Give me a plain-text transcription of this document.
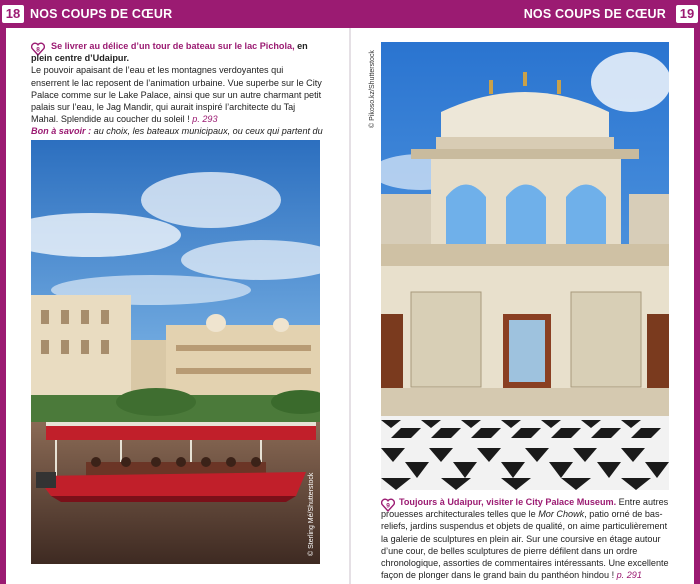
18 NOS COUPS DE CŒUR	NOS COUPS DE CŒUR	19
8	Se livrer au délice d’un tour de bateau sur le lac Pichola, en plein centre d’Udaipur.
Le pouvoir apaisant de l’eau et les montagnes verdoyantes qui enserrent le lac reposent de l’animation urbaine. Vue superbe sur le City Palace comme sur le Lake Palace, ainsi que sur un autre charmant petit palais sur l’eau, le Jag Mandir, qui aurait inspiré l’architecte du Taj Mahal. Splendide au coucher du soleil ! p. 293
Bon à savoir : au choix, les bateaux municipaux, ou ceux qui partent du
© Sterling Mé/Shutterstock
© Pikoso.kz/Shutterstock
9	Toujours à Udaipur, visiter le City Palace Museum. Entre autres prouesses architecturales telles que le Mor Chowk, patio orné de bas-reliefs, jardins suspendus et objets de qualité, on aime particulièrement la galerie de sculptures en plein air. Sur une coursive en étage autour d’une cour, de belles sculptures de pierre défilent dans un ordre chronologique, assorties de commentaires intéressants. Une excellente façon de plonger dans le grand bain du panthéon hindou ! p. 291
